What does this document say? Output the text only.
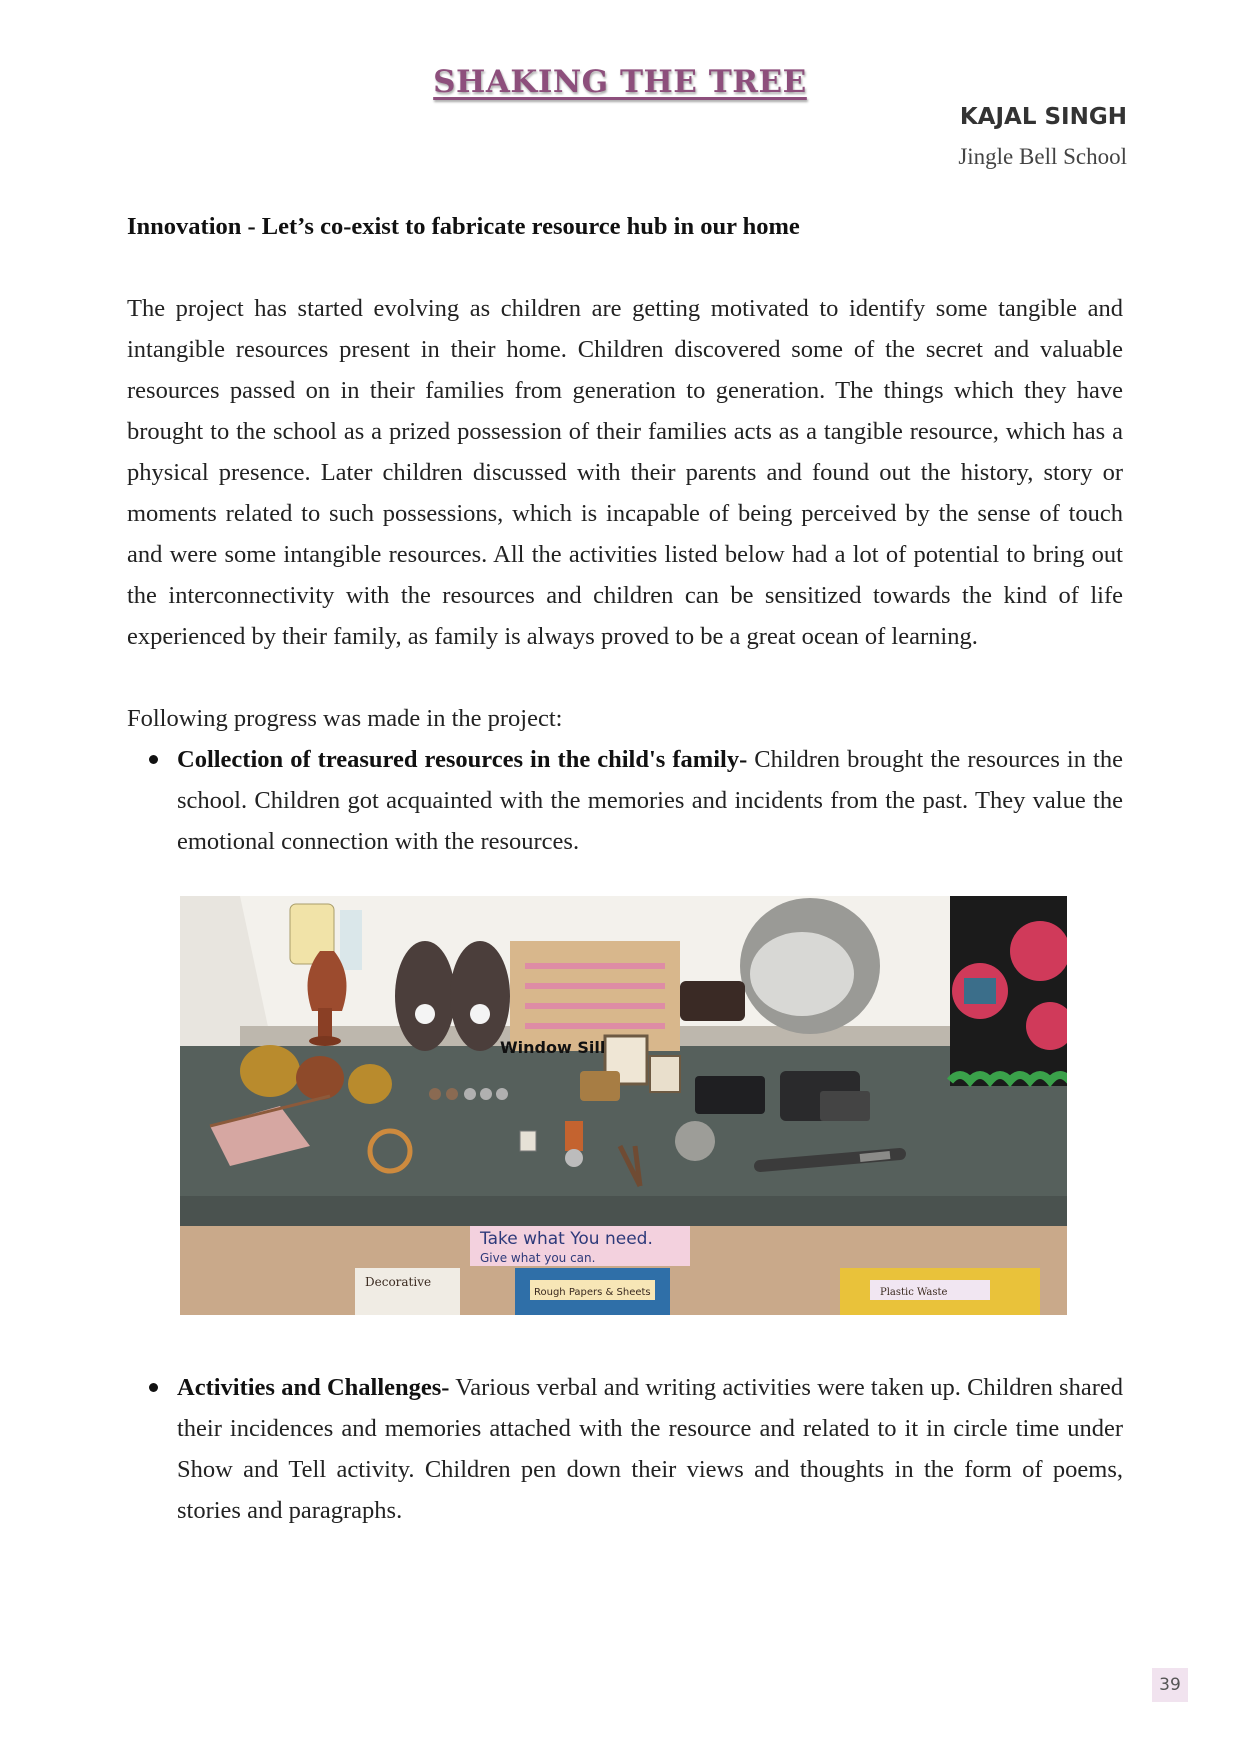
SHAKING THE TREE
KAJAL SINGH
Jingle Bell School

Innovation - Let’s co-exist to fabricate resource hub in our home

The project has started evolving as children are getting motivated to identify some tangible and intangible resources present in their home. Children discovered some of the secret and valuable resources passed on in their families from generation to generation. The things which they have brought to the school as a prized possession of their families acts as a tangible resource, which has a physical presence. Later children discussed with their parents and found out the history, story or moments related to such possessions, which is incapable of being perceived by the sense of touch and were some intangible resources. All the activities listed below had a lot of potential to bring out the interconnectivity with the resources and children can be sensitized towards the kind of life experienced by their family, as family is always proved to be a great ocean of learning.

Following progress was made in the project:

Collection of treasured resources in the child's family- Children brought the resources in the school. Children got acquainted with the memories and incidents from the past. They value the emotional connection with the resources.
Window Sill
Take what You need.
Give what you can.
Decorative
Rough Papers & Sheets	Plastic Waste
Activities and Challenges- Various verbal and writing activities were taken up. Children shared their incidences and memories attached with the resource and related to it in circle time under Show and Tell activity. Children pen down their views and thoughts in the form of poems, stories and paragraphs.
39
